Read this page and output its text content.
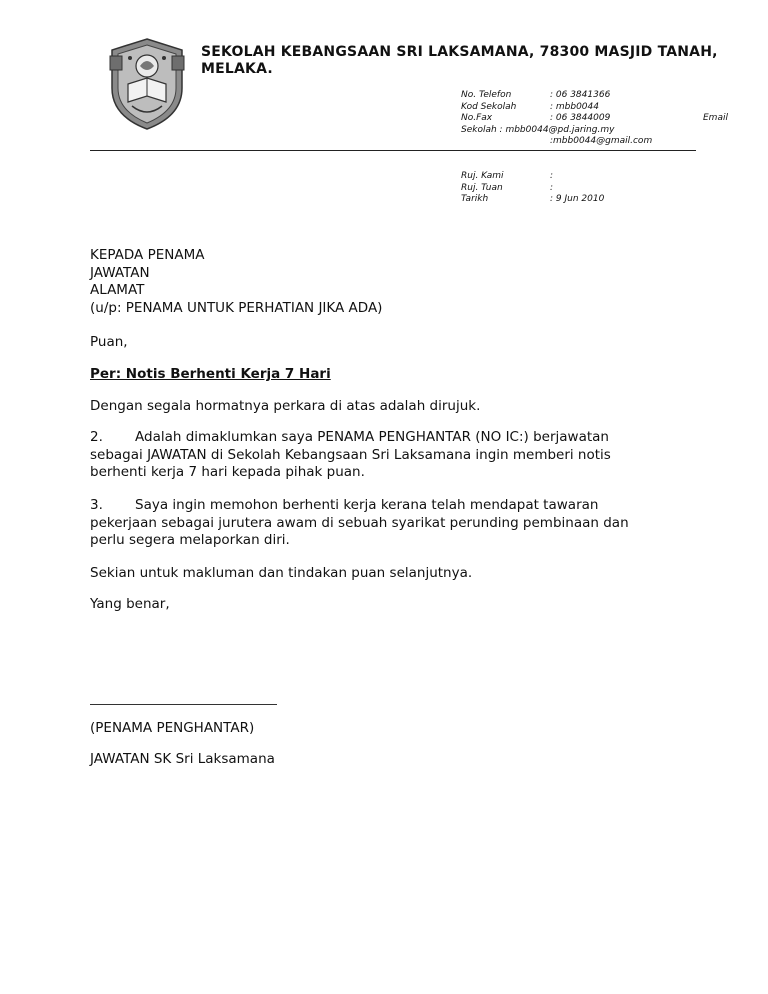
SEKOLAH KEBANGSAAN SRI LAKSAMANA, 78300 MASJID TANAH,
MELAKA.
No. Telefon	: 06 3841366
Kod Sekolah	: mbb0044
No.Fax	: 06 3844009
Sekolah : mbb0044@pd.jaring.my
:mbb0044@gmail.com
Email
Ruj. Kami	:
Ruj. Tuan	:
Tarikh	: 9 Jun 2010
KEPADA PENAMA
JAWATAN
ALAMAT
(u/p: PENAMA UNTUK PERHATIAN JIKA ADA)
Puan,
Per: Notis Berhenti Kerja 7 Hari
Dengan segala hormatnya perkara di atas adalah dirujuk.
2. Adalah dimaklumkan saya PENAMA PENGHANTAR (NO IC:) berjawatan
sebagai JAWATAN di Sekolah Kebangsaan Sri Laksamana ingin memberi notis
berhenti kerja 7 hari kepada pihak puan.
3. Saya ingin memohon berhenti kerja kerana telah mendapat tawaran
pekerjaan sebagai jurutera awam di sebuah syarikat perunding pembinaan dan
perlu segera melaporkan diri.
Sekian untuk makluman dan tindakan puan selanjutnya.
Yang benar,
(PENAMA PENGHANTAR)
JAWATAN SK Sri Laksamana
